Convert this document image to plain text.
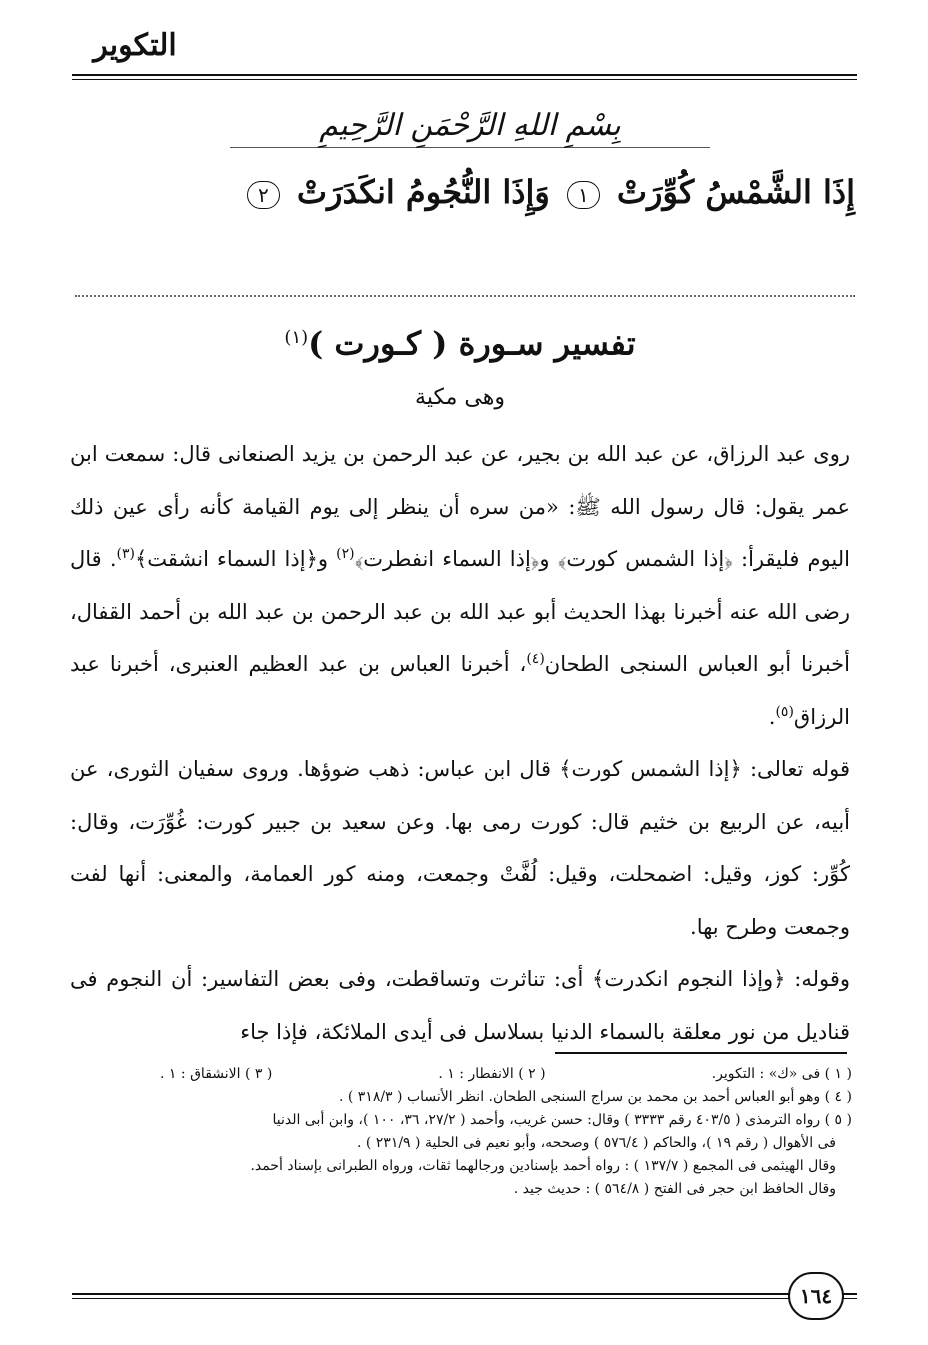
التكوير
بِسْمِ اللهِ الرَّحْمَنِ الرَّحِيمِ
إِذَا الشَّمْسُ كُوِّرَتْ ١ وَإِذَا النُّجُومُ انكَدَرَتْ ٢
تفسير سـورة ( كـورت )$^{(١)}$
وهى مكية

روى عبد الرزاق، عن عبد الله بن بجير، عن عبد الرحمن بن يزيد الصنعانى قال: سمعت ابن عمر يقول: قال رسول الله ﷺ: «من سره أن ينظر إلى يوم القيامة كأنه رأى عين ذلك اليوم فليقرأ: ﴿إذا الشمس كورت﴾ و﴿إذا السماء انفطرت﴾$^{(٢)}$ و﴿إذا السماء انشقت﴾$^{(٣)}$. قال رضى الله عنه أخبرنا بهذا الحديث أبو عبد الله بن عبد الرحمن بن عبد الله بن أحمد القفال، أخبرنا أبو العباس السنجى الطحان$^{(٤)}$، أخبرنا العباس بن عبد العظيم العنبرى، أخبرنا عبد الرزاق$^{(٥)}$.

قوله تعالى: ﴿إذا الشمس كورت﴾ قال ابن عباس: ذهب ضوؤها. وروى سفيان الثورى، عن أبيه، عن الربيع بن خثيم قال: كورت رمى بها. وعن سعيد بن جبير كورت: غُوِّرَت، وقال: كُوِّر: كوز، وقيل: اضمحلت، وقيل: لُفَّتْ وجمعت، ومنه كور العمامة، والمعنى: أنها لفت وجمعت وطرح بها.

وقوله: ﴿وإذا النجوم انكدرت﴾ أى: تناثرت وتساقطت، وفى بعض التفاسير: أن النجوم فى قناديل من نور معلقة بالسماء الدنيا بسلاسل فى أيدى الملائكة، فإذا جاء

( ١ ) فى «ك» : التكوير.
( ٢ ) الانفطار : ١ .
( ٣ ) الانشقاق : ١ .

( ٤ ) وهو أبو العباس أحمد بن محمد بن سراج السنجى الطحان. انظر الأنساب ( ٣١٨/٣ ) .

( ٥ ) رواه الترمذى ( ٤٠٣/٥ رقم ٣٣٣٣ ) وقال: حسن غريب، وأحمد ( ٢٧/٢، ٣٦، ١٠٠ )، وابن أبى الدنيا

فى الأهوال ( رقم ١٩ )، والحاكم ( ٥٧٦/٤ ) وصححه، وأبو نعيم فى الحلية ( ٢٣١/٩ ) .

وقال الهيثمى فى المجمع ( ١٣٧/٧ ) : رواه أحمد بإسنادين ورجالهما ثقات، ورواه الطبرانى بإسناد أحمد.

وقال الحافظ ابن حجر فى الفتح ( ٥٦٤/٨ ) : حديث جيد .

١٦٤
